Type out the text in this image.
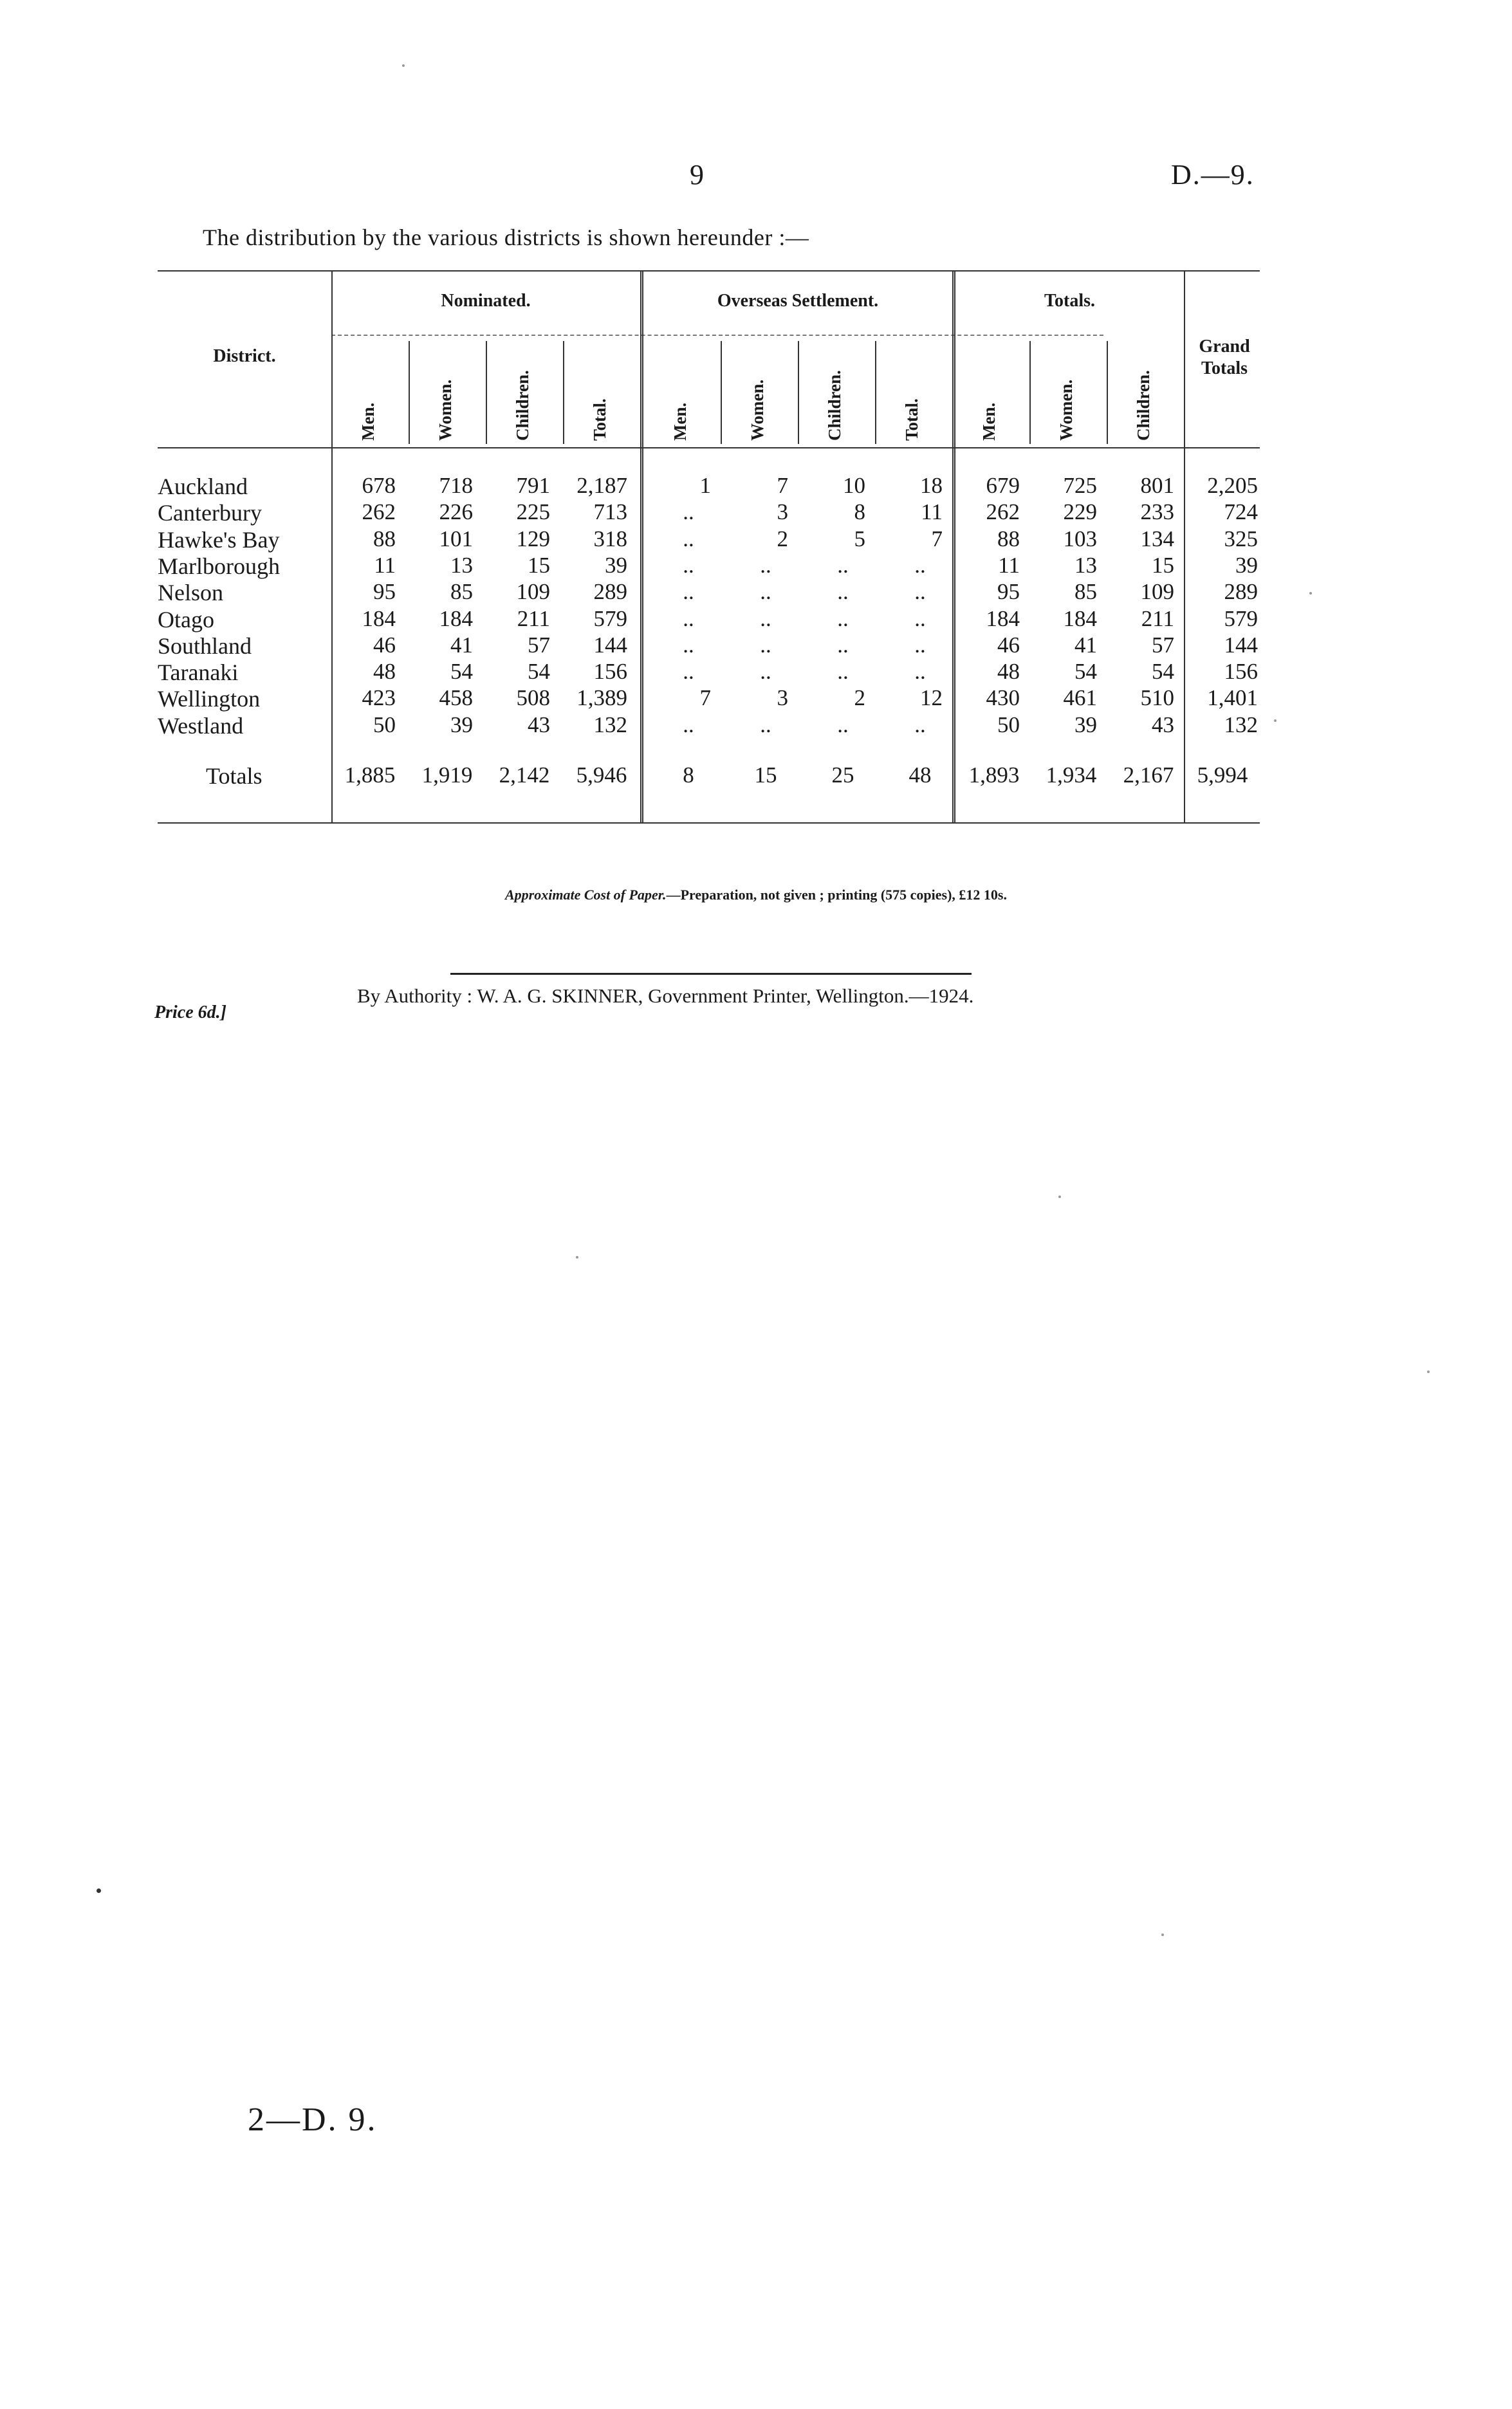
9	D.—9.
The distribution by the various districts is shown hereunder :—
Nominated.	Overseas Settlement.	Totals.
Grand Totals
District.
Men.	Women.	Children.	Total.	Men.	Women.	Children.	Total.	Men.	Women.	Children.
Auckland	678	718	791	2,187	1	7	10	18	679	725	801	2,205
Canterbury	262	226	225	713	..	3	8	11	262	229	233	724
Hawke's Bay	88	101	129	318	..	2	5	7	88	103	134	325
Marlborough	11	13	15	39	..	..	..	..	11	13	15	39
Nelson	95	85	109	289	..	..	..	..	95	85	109	289
Otago	184	184	211	579	..	..	..	..	184	184	211	579
Southland	46	41	57	144	..	..	..	..	46	41	57	144
Taranaki	48	54	54	156	..	..	..	..	48	54	54	156
Wellington	423	458	508	1,389	7	3	2	12	430	461	510	1,401
Westland	50	39	43	132	..	..	..	..	50	39	43	132
Totals	1,885	1,919	2,142	5,946	8	15	25	48	1,893	1,934	2,167	5,994
Approximate Cost of Paper.—Preparation, not given ; printing (575 copies), £12 10s.
By Authority : W. A. G. SKINNER, Government Printer, Wellington.—1924.
Price 6d.]
2—D. 9.
